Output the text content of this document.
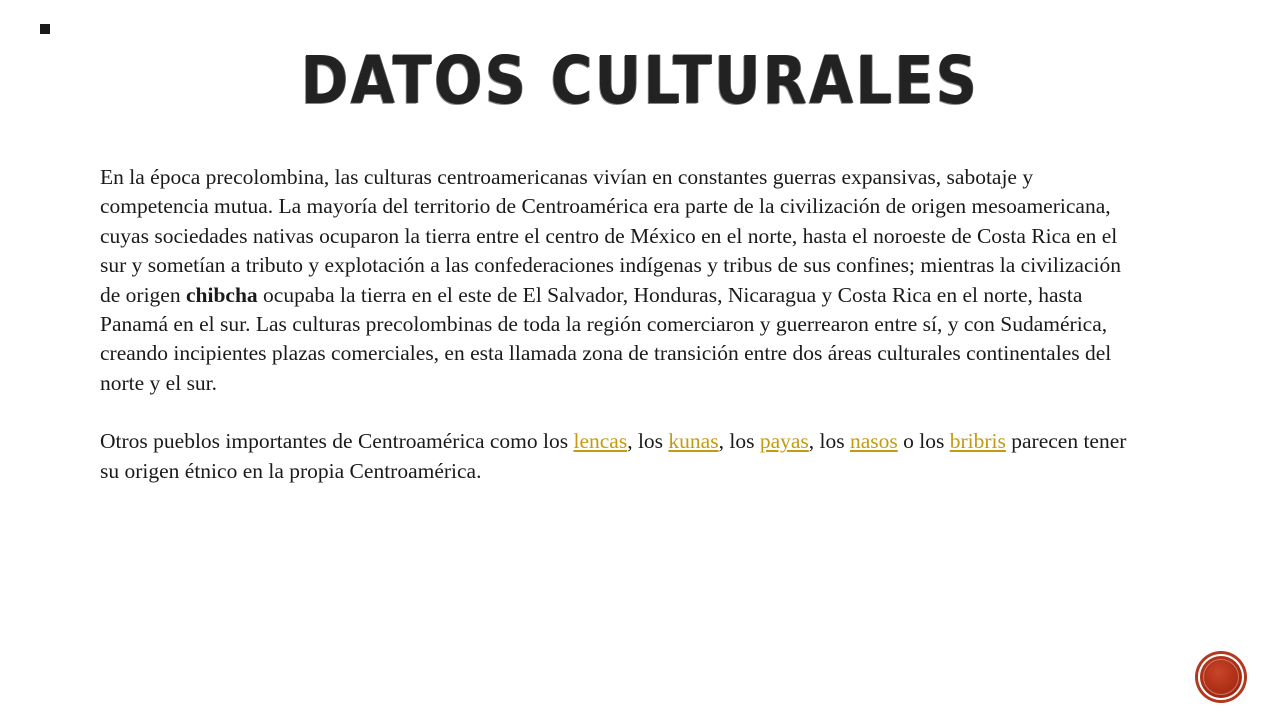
DATOS CULTURALES

En la época precolombina, las culturas centroamericanas vivían en constantes guerras expansivas, sabotaje y competencia mutua. La mayoría del territorio de Centroamérica era parte de la civilización de origen mesoamericana, cuyas sociedades nativas ocuparon la tierra entre el centro de México en el norte, hasta el noroeste de Costa Rica en el sur y sometían a tributo y explotación a las confederaciones indígenas y tribus de sus confines; mientras la civilización de origen chibcha ocupaba la tierra en el este de El Salvador, Honduras, Nicaragua y Costa Rica en el norte, hasta Panamá en el sur. Las culturas precolombinas de toda la región comerciaron y guerrearon entre sí, y con Sudamérica, creando incipientes plazas comerciales, en esta llamada zona de transición entre dos áreas culturales continentales del norte y el sur.

Otros pueblos importantes de Centroamérica como los lencas, los kunas, los payas, los nasos o los bribris parecen tener su origen étnico en la propia Centroamérica.
